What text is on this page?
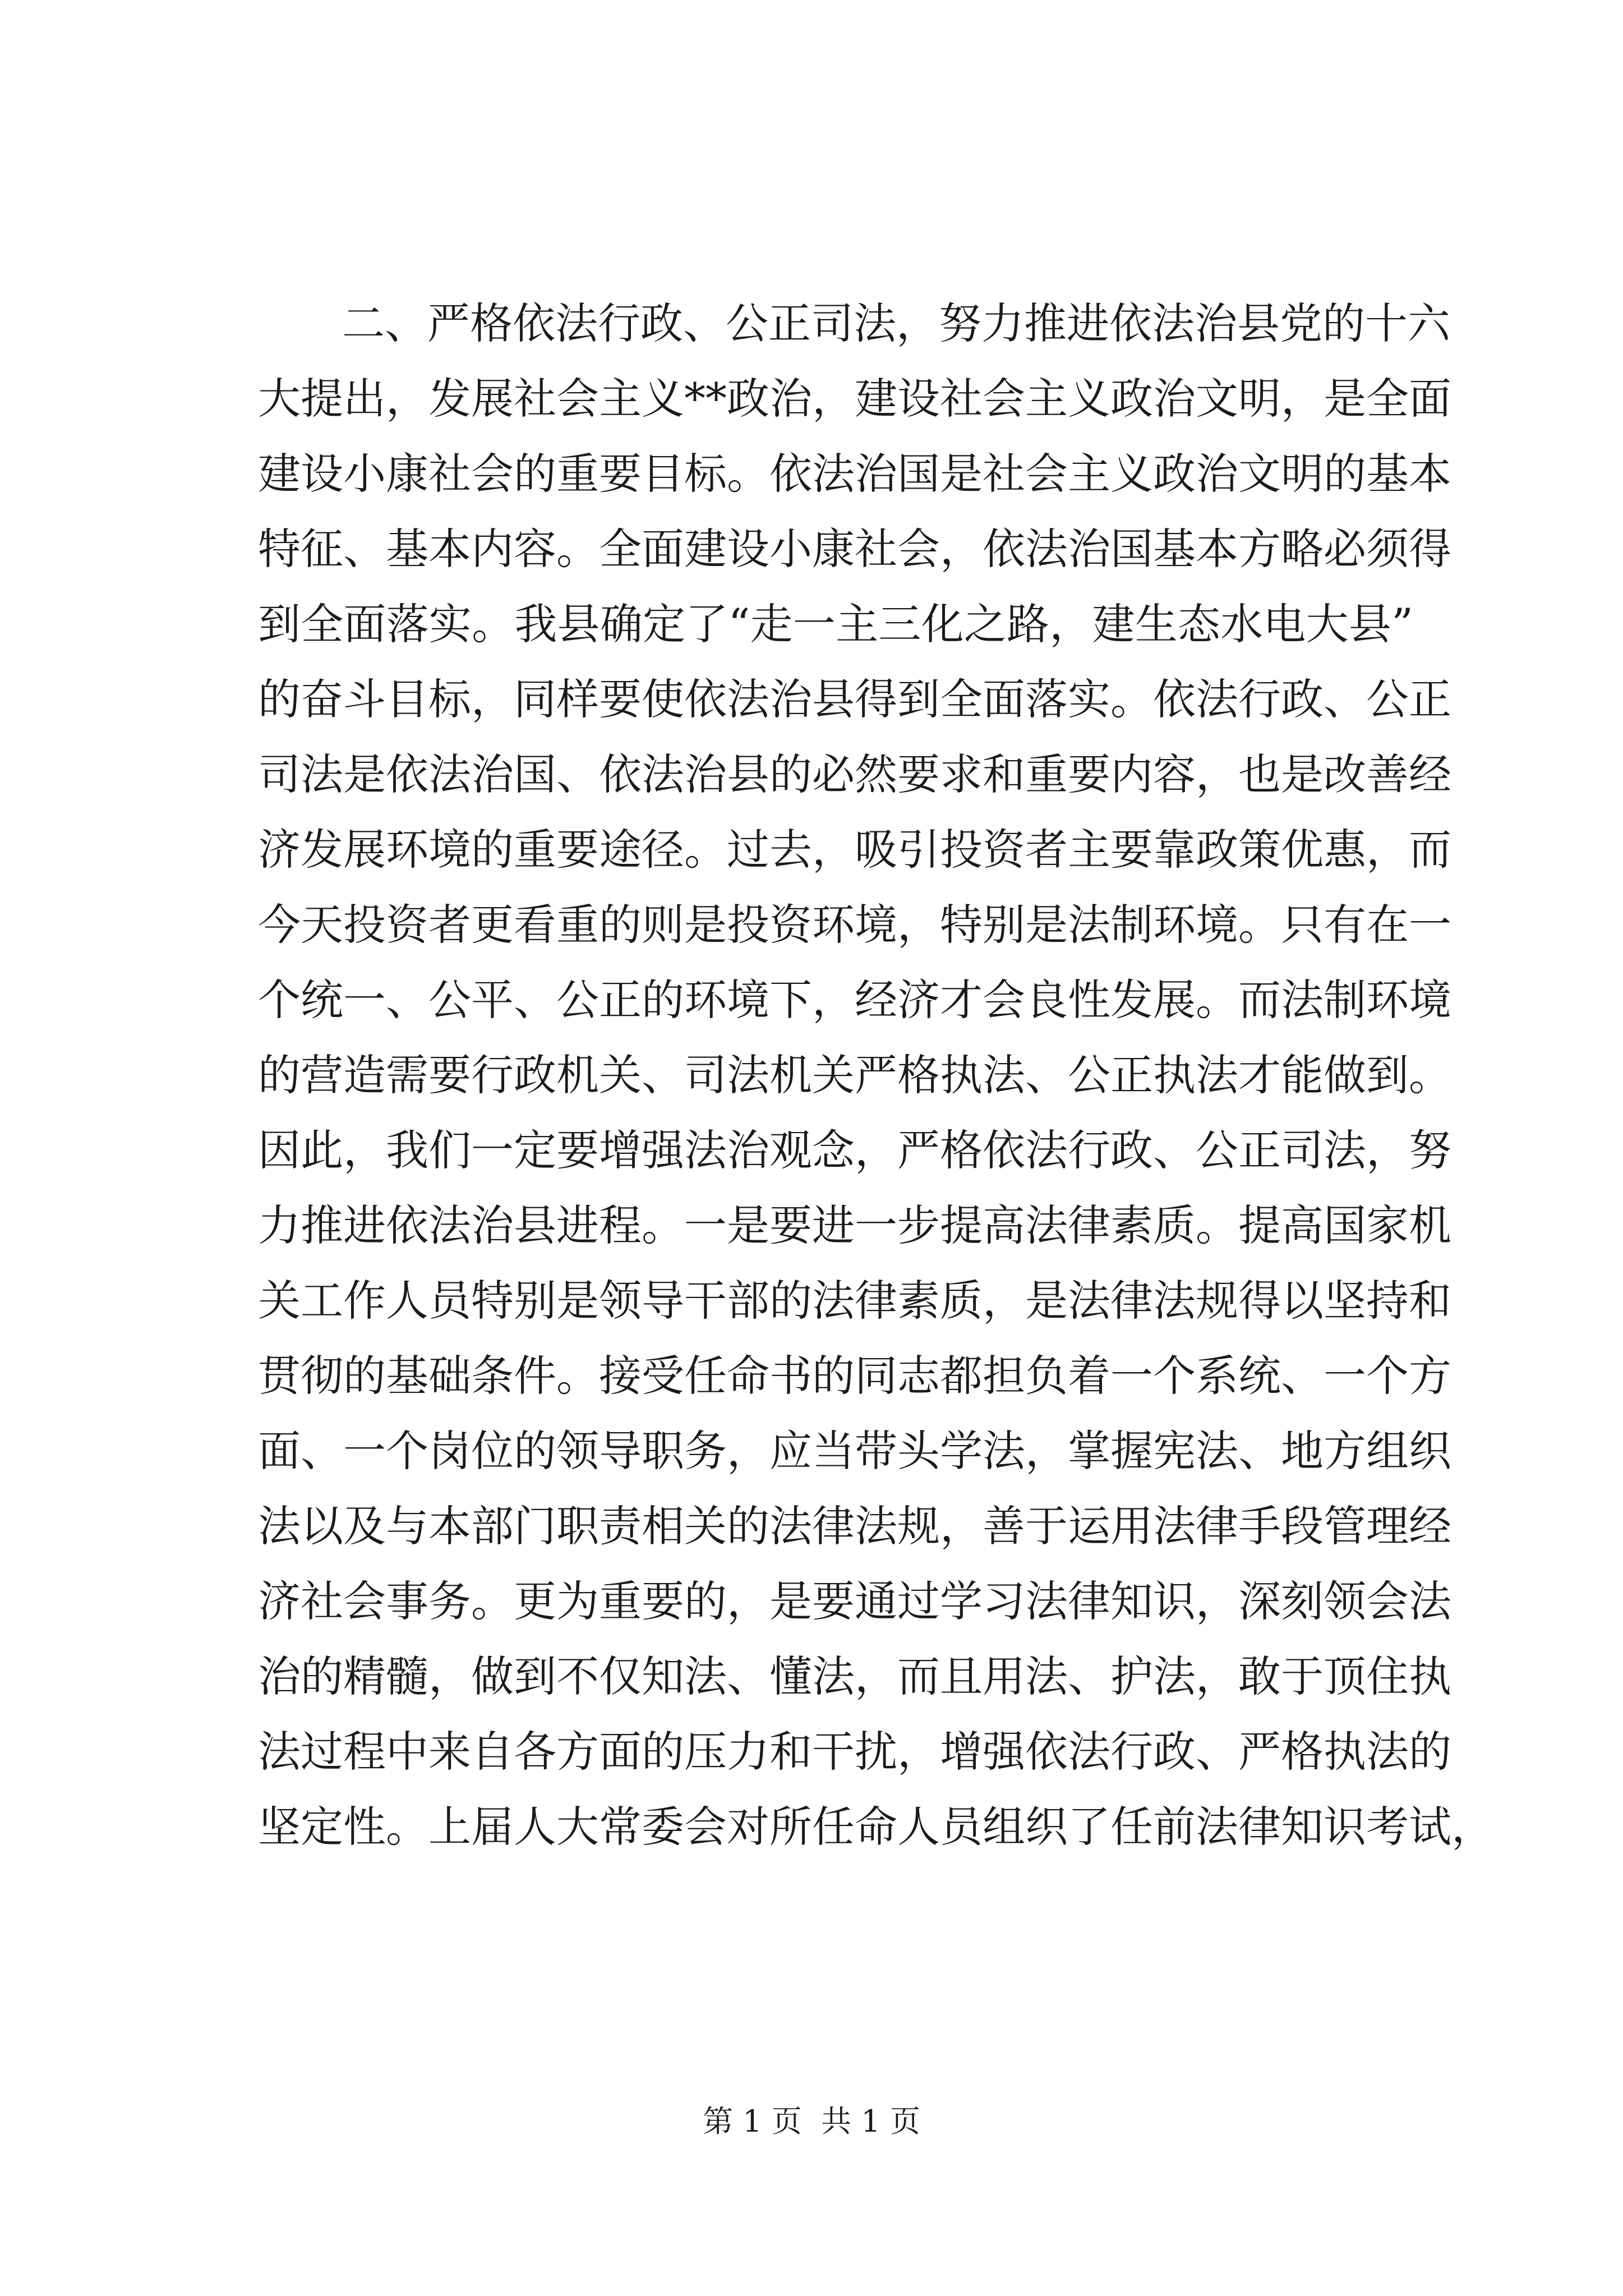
二、严格依法行政、公正司法，努力推进依法治县党的十六
大提出，发展社会主义**政治，建设社会主义政治文明，是全面
建设小康社会的重要目标。依法治国是社会主义政治文明的基本
特征、基本内容。全面建设小康社会，依法治国基本方略必须得
到全面落实。我县确定了“走一主三化之路，建生态水电大县”
的奋斗目标，同样要使依法治县得到全面落实。依法行政、公正
司法是依法治国、依法治县的必然要求和重要内容，也是改善经
济发展环境的重要途径。过去，吸引投资者主要靠政策优惠，而
今天投资者更看重的则是投资环境，特别是法制环境。只有在一
个统一、公平、公正的环境下，经济才会良性发展。而法制环境
的营造需要行政机关、司法机关严格执法、公正执法才能做到。
因此，我们一定要增强法治观念，严格依法行政、公正司法，努
力推进依法治县进程。一是要进一步提高法律素质。提高国家机
关工作人员特别是领导干部的法律素质，是法律法规得以坚持和
贯彻的基础条件。接受任命书的同志都担负着一个系统、一个方
面、一个岗位的领导职务，应当带头学法，掌握宪法、地方组织
法以及与本部门职责相关的法律法规，善于运用法律手段管理经
济社会事务。更为重要的，是要通过学习法律知识，深刻领会法
治的精髓，做到不仅知法、懂法，而且用法、护法，敢于顶住执
法过程中来自各方面的压力和干扰，增强依法行政、严格执法的
坚定性。上届人大常委会对所任命人员组织了任前法律知识考试，
第 1 页  共 1 页
